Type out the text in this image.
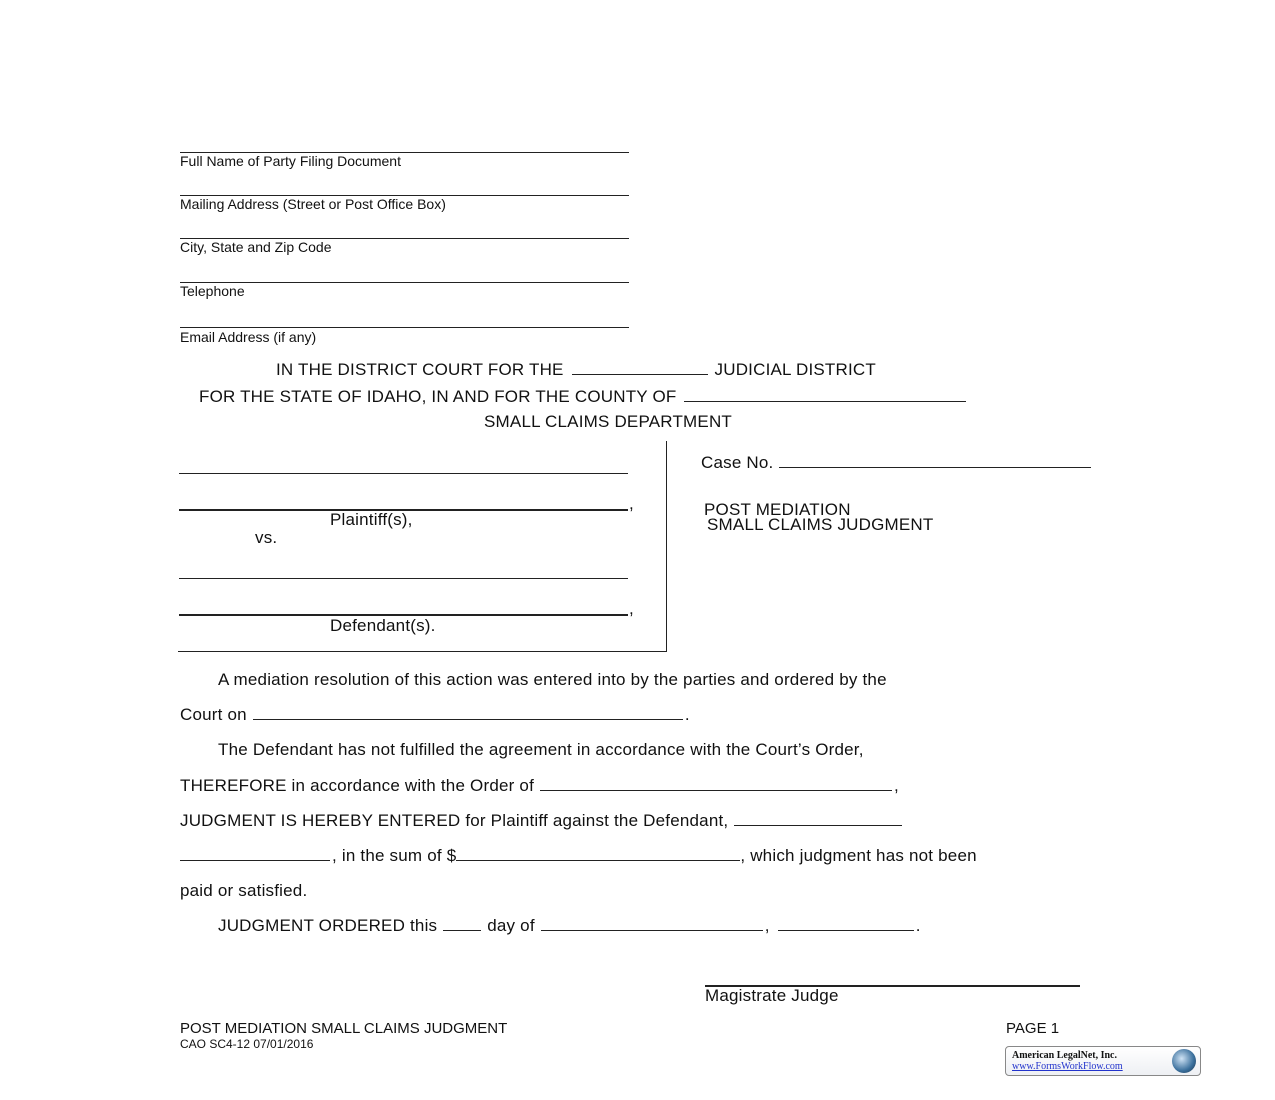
Full Name of Party Filing Document
Mailing Address (Street or Post Office Box)
City, State and Zip Code
Telephone
Email Address (if any)
IN THE DISTRICT COURT FOR THE	JUDICIAL DISTRICT
FOR THE STATE OF IDAHO, IN AND FOR THE COUNTY OF
SMALL CLAIMS DEPARTMENT
,
Plaintiff(s),
vs.
,
Defendant(s).
Case No.
POST MEDIATION
SMALL CLAIMS JUDGMENT
A mediation resolution of this action was entered into by the parties and ordered by the
Court on	.
The Defendant has not fulfilled the agreement in accordance with the Court’s Order,
THEREFORE in accordance with the Order of	,
JUDGMENT IS HEREBY ENTERED for Plaintiff against the Defendant,
, in the sum of $	, which judgment has not been
paid or satisfied.
JUDGMENT ORDERED this	day of	,	.
Magistrate Judge
POST MEDIATION SMALL CLAIMS JUDGMENT
CAO SC4-12 07/01/2016
PAGE 1
American LegalNet, Inc.
www.FormsWorkFlow.com
